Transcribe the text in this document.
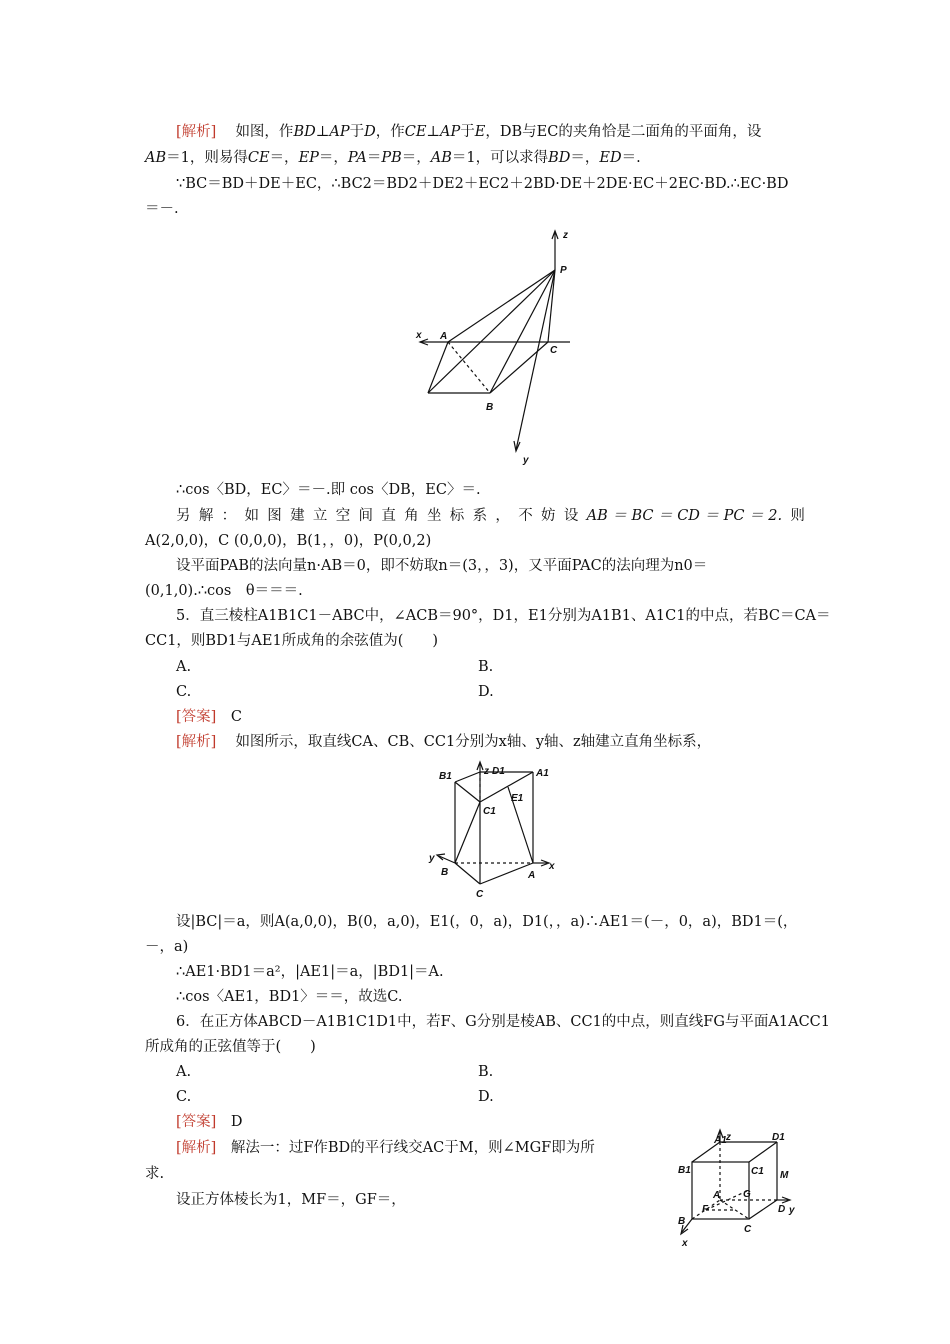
[解析]　 如图，作BD⊥AP于D，作CE⊥AP于E，DB与EC的夹角恰是二面角的平面角，设
AB＝1，则易得CE＝，EP＝，PA＝PB＝，AB＝1，可以求得BD＝，ED＝.
∵BC＝BD＋DE＋EC，∴BC2＝BD2＋DE2＋EC2＋2BD·DE＋2DE·EC＋2EC·BD.∴EC·BD
＝－.
z
P
x A
C
B
y
∴cos〈BD，EC〉＝－.即 cos〈DB，EC〉＝.
另 解 ： 如 图 建 立 空 间 直 角 坐 标 系 ， 不 妨 设 AB ＝ BC ＝ CD ＝ PC ＝ 2. 则
A(2,0,0)，C (0,0,0)，B(1，，0)，P(0,0,2)
设平面PAB的法向量n·AB＝0，即不妨取n＝(3，，3)，又平面PAC的法向理为n0＝
(0,1,0).∴cos　θ＝＝＝.
5．直三棱柱A1B1C1－ABC中，∠ACB＝90°，D1，E1分别为A1B1、A1C1的中点，若BC＝CA＝
CC1，则BD1与AE1所成角的余弦值为(　　)
A.	B.
C.	D.
[答案]　 C
[解析]　 如图所示，取直线CA、CB、CC1分别为x轴、y轴、z轴建立直角坐标系，
B1	z D1	A1
E1
C1
y
B	A
x
C
设|BC|＝a，则A(a,0,0)，B(0，a,0)，E1(，0，a)，D1(，，a)∴AE1＝(－，0，a)，BD1＝(，
－，a)
∴AE1·BD1＝a²，|AE1|＝a，|BD1|＝A.
∴cos〈AE1，BD1〉＝＝，故选C.
6．在正方体ABCD－A1B1C1D1中，若F、G分别是棱AB、CC1的中点，则直线FG与平面A1ACC1
所成角的正弦值等于(　　)
A.	B.
C.	D.
[答案]　 D
[解析]　 解法一：过F作BD的平行线交AC于M，则∠MGF即为所
求.
设正方体棱长为1，MF＝，GF＝，
A1 z	D1
B1	C1 M
A G
F	D y
B
C
x
